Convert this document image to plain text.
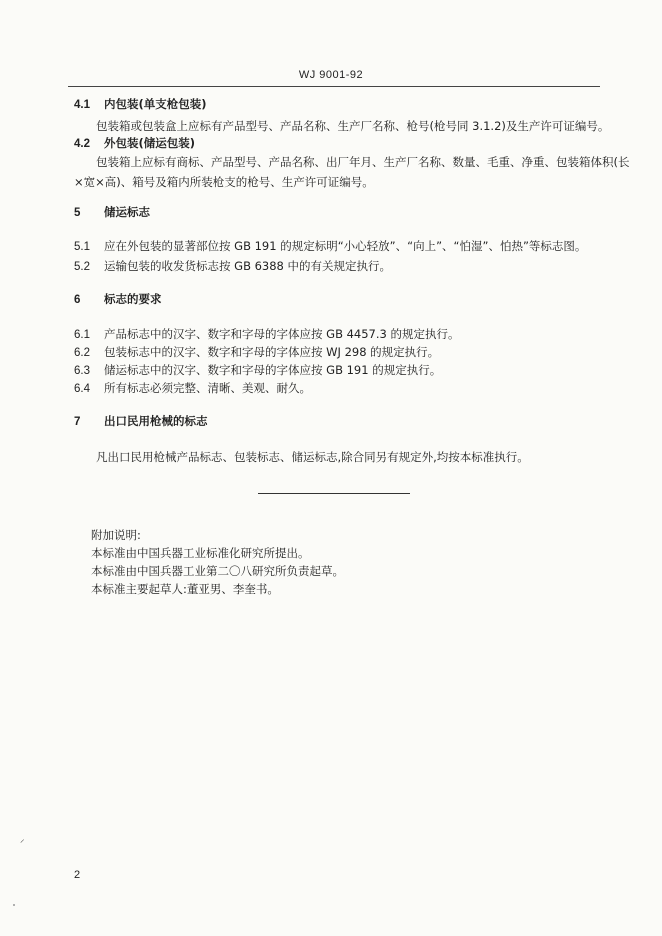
WJ 9001-92
4.1 内包装(单支枪包装)
包装箱或包装盒上应标有产品型号、产品名称、生产厂名称、枪号(枪号同 3.1.2)及生产许可证编号。
4.2 外包装(储运包装)
包装箱上应标有商标、产品型号、产品名称、出厂年月、生产厂名称、数量、毛重、净重、包装箱体积(长
×宽×高)、箱号及箱内所装枪支的枪号、生产许可证编号。
5 储运标志
5.1 应在外包装的显著部位按 GB 191 的规定标明“小心轻放”、“向上”、“怕湿”、怕热”等标志图。
5.2 运输包装的收发货标志按 GB 6388 中的有关规定执行。
6 标志的要求
6.1 产品标志中的汉字、数字和字母的字体应按 GB 4457.3 的规定执行。
6.2 包装标志中的汉字、数字和字母的字体应按 WJ 298 的规定执行。
6.3 储运标志中的汉字、数字和字母的字体应按 GB 191 的规定执行。
6.4 所有标志必须完整、清晰、美观、耐久。
7 出口民用枪械的标志
凡出口民用枪械产品标志、包装标志、储运标志,除合同另有规定外,均按本标准执行。
附加说明:
本标准由中国兵器工业标准化研究所提出。
本标准由中国兵器工业第二〇八研究所负责起草。
本标准主要起草人:董亚男、李奎书。
⸝
2
